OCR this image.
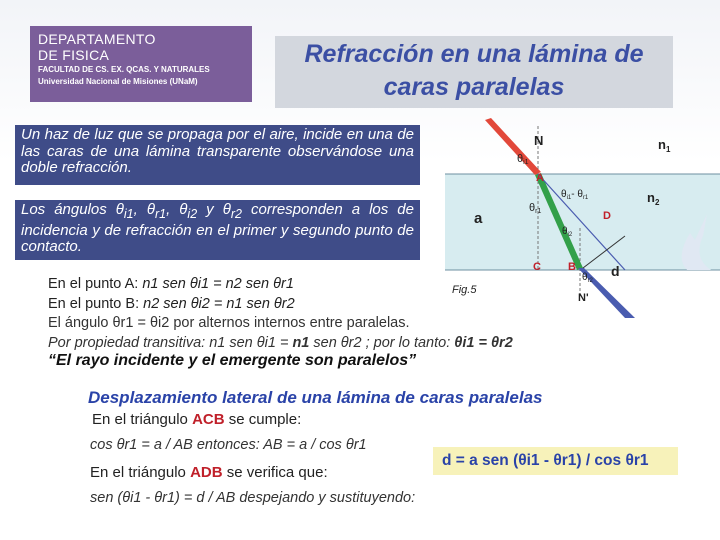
DEPARTAMENTO
DE FISICA
FACULTAD DE CS. EX. QCAS. Y NATURALES
Universidad Nacional de Misiones (UNaM)
Refracción en una lámina de
caras paralelas
Un haz de luz que se propaga por el aire, incide en una de las caras de una lámina transparente observándose una doble refracción.
Los ángulos $\theta_{i1}$, $\theta_{r1}$, $\theta_{i2}$ y $\theta_{r2}$ corresponden a los de incidencia y de refracción en el primer y segundo punto de contacto.
N	$n_1$
$n_2$
θi1
A
$\theta_{i1}-$ $\theta_{r1}$
θr1	D
a
$\theta_{i2}$
C B
$\theta_{r2}$
d
Fig.5
N'
En el punto A: n1 sen θi1 = n2 sen θr1
En el punto B: n2 sen θi2 = n1 sen θr2
El ángulo θr1 = θi2 por alternos internos entre paralelas.
Por propiedad transitiva: n1 sen θi1 = n1 sen θr2 ; por lo tanto: θi1 = θr2
“El rayo incidente y el emergente son paralelos”
Desplazamiento lateral de una lámina de caras paralelas
En el triángulo ACB se cumple:
cos θr1 = a / AB entonces: AB = a / cos θr1
d = a sen (θi1 - θr1) / cos θr1
En el triángulo ADB se verifica que:
sen (θi1 - θr1) = d / AB despejando y sustituyendo:
